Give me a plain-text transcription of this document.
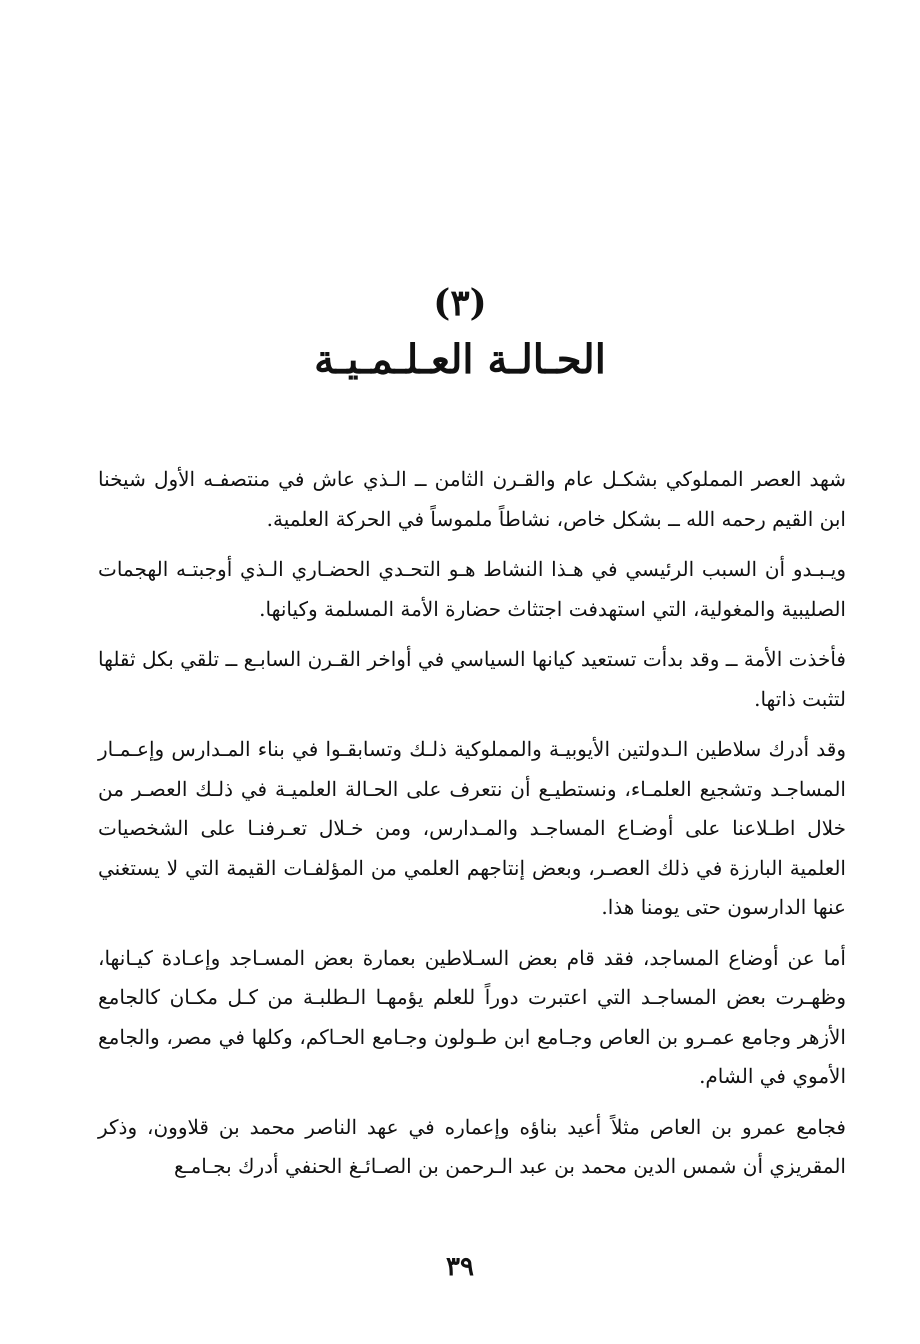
(٣)
الحـالـة العـلـمـيـة

شهد العصر المملوكي بشكـل عام والقـرن الثامن ــ الـذي عاش في منتصفـه الأول شيخنا ابن القيم رحمه الله ــ بشكل خاص، نشاطاً ملموساً في الحركة العلمية.

ويـبـدو أن السبب الرئيسي في هـذا النشاط هـو التحـدي الحضـاري الـذي أوجبتـه الهجمات الصليبية والمغولية، التي استهدفت اجتثاث حضارة الأمة المسلمة وكيانها.

فأخذت الأمة ــ وقد بدأت تستعيد كيانها السياسي في أواخر القـرن السابـع ــ تلقي بكل ثقلها لتثبت ذاتها.

وقد أدرك سلاطين الـدولتين الأيوبيـة والمملوكية ذلـك وتسابقـوا في بناء المـدارس وإعـمـار المساجـد وتشجيع العلمـاء، ونستطيـع أن نتعرف على الحـالة العلميـة في ذلـك العصـر من خلال اطـلاعنا على أوضـاع المساجـد والمـدارس، ومن خـلال تعـرفنـا على الشخصيات العلمية البارزة في ذلك العصـر، وبعض إنتاجهم العلمي من المؤلفـات القيمة التي لا يستغني عنها الدارسون حتى يومنا هذا.

أما عن أوضاع المساجد، فقد قام بعض السـلاطين بعمارة بعض المسـاجد وإعـادة كيـانها، وظهـرت بعض المساجـد التي اعتبرت دوراً للعلم يؤمهـا الـطلبـة من كـل مكـان كالجامع الأزهر وجامع عمـرو بن العاص وجـامع ابن طـولون وجـامع الحـاكم، وكلها في مصر، والجامع الأموي في الشام.

فجامع عمرو بن العاص مثلاً أعيد بناؤه وإعماره في عهد الناصر محمد بن قلاوون، وذكر المقريزي أن شمس الدين محمد بن عبد الـرحمن بن الصـائـغ الحنفي أدرك بجـامـع

٣٩
